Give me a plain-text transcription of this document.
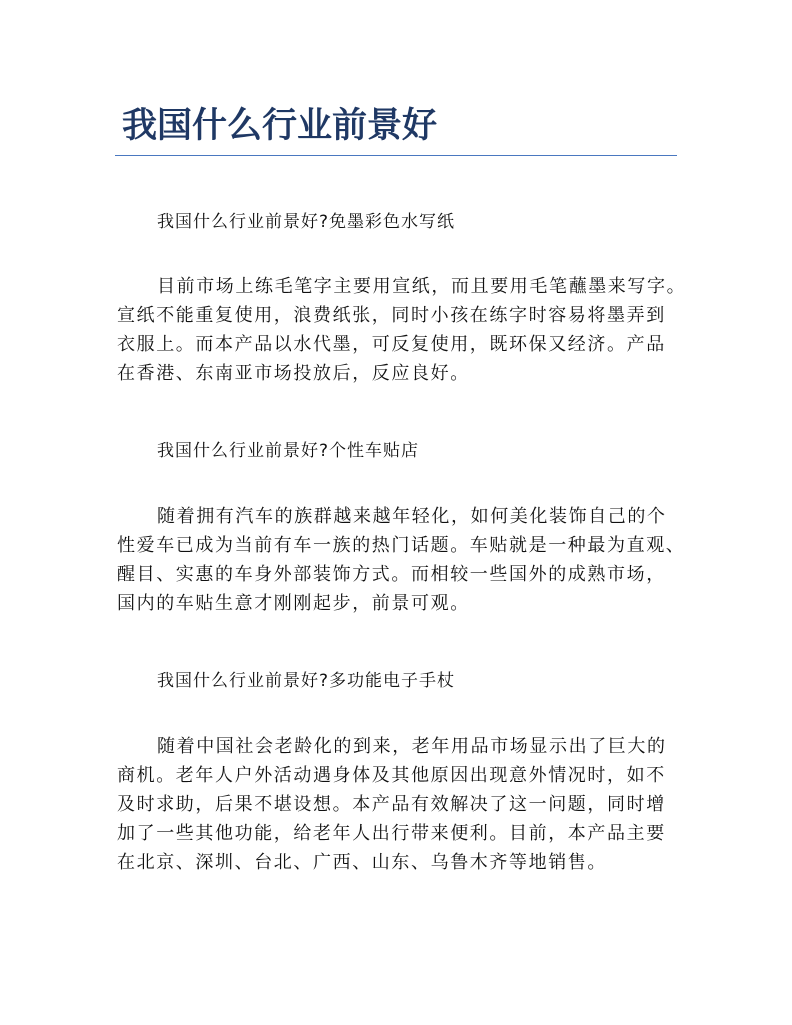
我国什么行业前景好
我国什么行业前景好?免墨彩色水写纸
目前市场上练毛笔字主要用宣纸，而且要用毛笔蘸墨来写字。
宣纸不能重复使用，浪费纸张，同时小孩在练字时容易将墨弄到
衣服上。而本产品以水代墨，可反复使用，既环保又经济。产品
在香港、东南亚市场投放后，反应良好。
我国什么行业前景好?个性车贴店
随着拥有汽车的族群越来越年轻化，如何美化装饰自己的个
性爱车已成为当前有车一族的热门话题。车贴就是一种最为直观、
醒目、实惠的车身外部装饰方式。而相较一些国外的成熟市场，
国内的车贴生意才刚刚起步，前景可观。
我国什么行业前景好?多功能电子手杖
随着中国社会老龄化的到来，老年用品市场显示出了巨大的
商机。老年人户外活动遇身体及其他原因出现意外情况时，如不
及时求助，后果不堪设想。本产品有效解决了这一问题，同时增
加了一些其他功能，给老年人出行带来便利。目前，本产品主要
在北京、深圳、台北、广西、山东、乌鲁木齐等地销售。
